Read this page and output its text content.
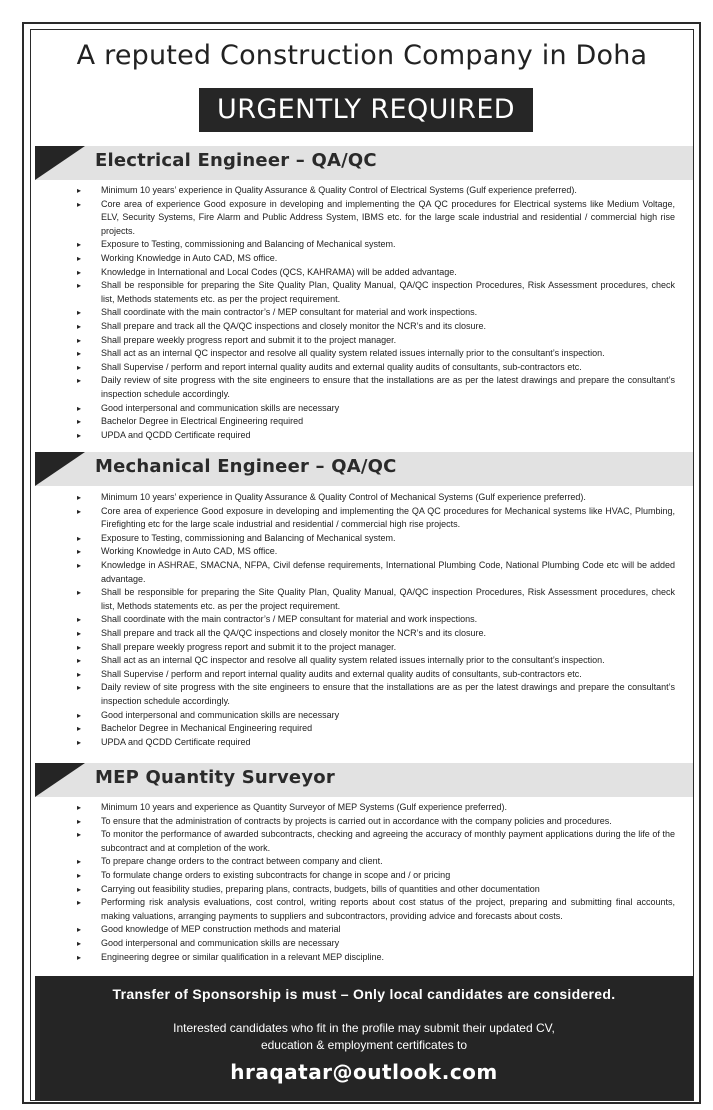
A reputed Construction Company in Doha
URGENTLY REQUIRED
Electrical Engineer – QA/QC
▸ Minimum 10 years’ experience in Quality Assurance & Quality Control of Electrical Systems (Gulf experience preferred).
▸ Core area of experience Good exposure in developing and implementing the QA QC procedures for Electrical systems like Medium Voltage, ELV, Security Systems, Fire Alarm and Public Address System, IBMS etc. for the large scale industrial and residential / commercial high rise projects.
▸ Exposure to Testing, commissioning and Balancing of Mechanical system.
▸ Working Knowledge in Auto CAD, MS office.
▸ Knowledge in International and Local Codes (QCS, KAHRAMA) will be added advantage.
▸ Shall be responsible for preparing the Site Quality Plan, Quality Manual, QA/QC inspection Procedures, Risk Assessment procedures, check list, Methods statements etc. as per the project requirement.
▸ Shall coordinate with the main contractor’s / MEP consultant for material and work inspections.
▸ Shall prepare and track all the QA/QC inspections and closely monitor the NCR’s and its closure.
▸ Shall prepare weekly progress report and submit it to the project manager.
▸ Shall act as an internal QC inspector and resolve all quality system related issues internally prior to the consultant’s inspection.
▸ Shall Supervise / perform and report internal quality audits and external quality audits of consultants, sub-contractors etc.
▸ Daily review of site progress with the site engineers to ensure that the installations are as per the latest drawings and prepare the consultant’s inspection schedule accordingly.
▸ Good interpersonal and communication skills are necessary
▸ Bachelor Degree in Electrical Engineering required
▸ UPDA and QCDD Certificate required
Mechanical Engineer – QA/QC
▸ Minimum 10 years’ experience in Quality Assurance & Quality Control of Mechanical Systems (Gulf experience preferred).
▸ Core area of experience Good exposure in developing and implementing the QA QC procedures for Mechanical systems like HVAC, Plumbing, Firefighting etc for the large scale industrial and residential / commercial high rise projects.
▸ Exposure to Testing, commissioning and Balancing of Mechanical system.
▸ Working Knowledge in Auto CAD, MS office.
▸ Knowledge in ASHRAE, SMACNA, NFPA, Civil defense requirements, International Plumbing Code, National Plumbing Code etc will be added advantage.
▸ Shall be responsible for preparing the Site Quality Plan, Quality Manual, QA/QC inspection Procedures, Risk Assessment procedures, check list, Methods statements etc. as per the project requirement.
▸ Shall coordinate with the main contractor’s / MEP consultant for material and work inspections.
▸ Shall prepare and track all the QA/QC inspections and closely monitor the NCR’s and its closure.
▸ Shall prepare weekly progress report and submit it to the project manager.
▸ Shall act as an internal QC inspector and resolve all quality system related issues internally prior to the consultant’s inspection.
▸ Shall Supervise / perform and report internal quality audits and external quality audits of consultants, sub-contractors etc.
▸ Daily review of site progress with the site engineers to ensure that the installations are as per the latest drawings and prepare the consultant’s inspection schedule accordingly.
▸ Good interpersonal and communication skills are necessary
▸ Bachelor Degree in Mechanical Engineering required
▸ UPDA and QCDD Certificate required
MEP Quantity Surveyor
▸ Minimum 10 years and experience as Quantity Surveyor of MEP Systems (Gulf experience preferred).
▸ To ensure that the administration of contracts by projects is carried out in accordance with the company policies and procedures.
▸ To monitor the performance of awarded subcontracts, checking and agreeing the accuracy of monthly payment applications during the life of the subcontract and at completion of the work.
▸ To prepare change orders to the contract between company and client.
▸ To formulate change orders to existing subcontracts for change in scope and / or pricing
▸ Carrying out feasibility studies, preparing plans, contracts, budgets, bills of quantities and other documentation
▸ Performing risk analysis evaluations, cost control, writing reports about cost status of the project, preparing and submitting final accounts, making valuations, arranging payments to suppliers and subcontractors, providing advice and forecasts about costs.
▸ Good knowledge of MEP construction methods and material
▸ Good interpersonal and communication skills are necessary
▸ Engineering degree or similar qualification in a relevant MEP discipline.
Transfer of Sponsorship is must – Only local candidates are considered.
Interested candidates who fit in the profile may submit their updated CV,
education & employment certificates to
hraqatar@outlook.com
